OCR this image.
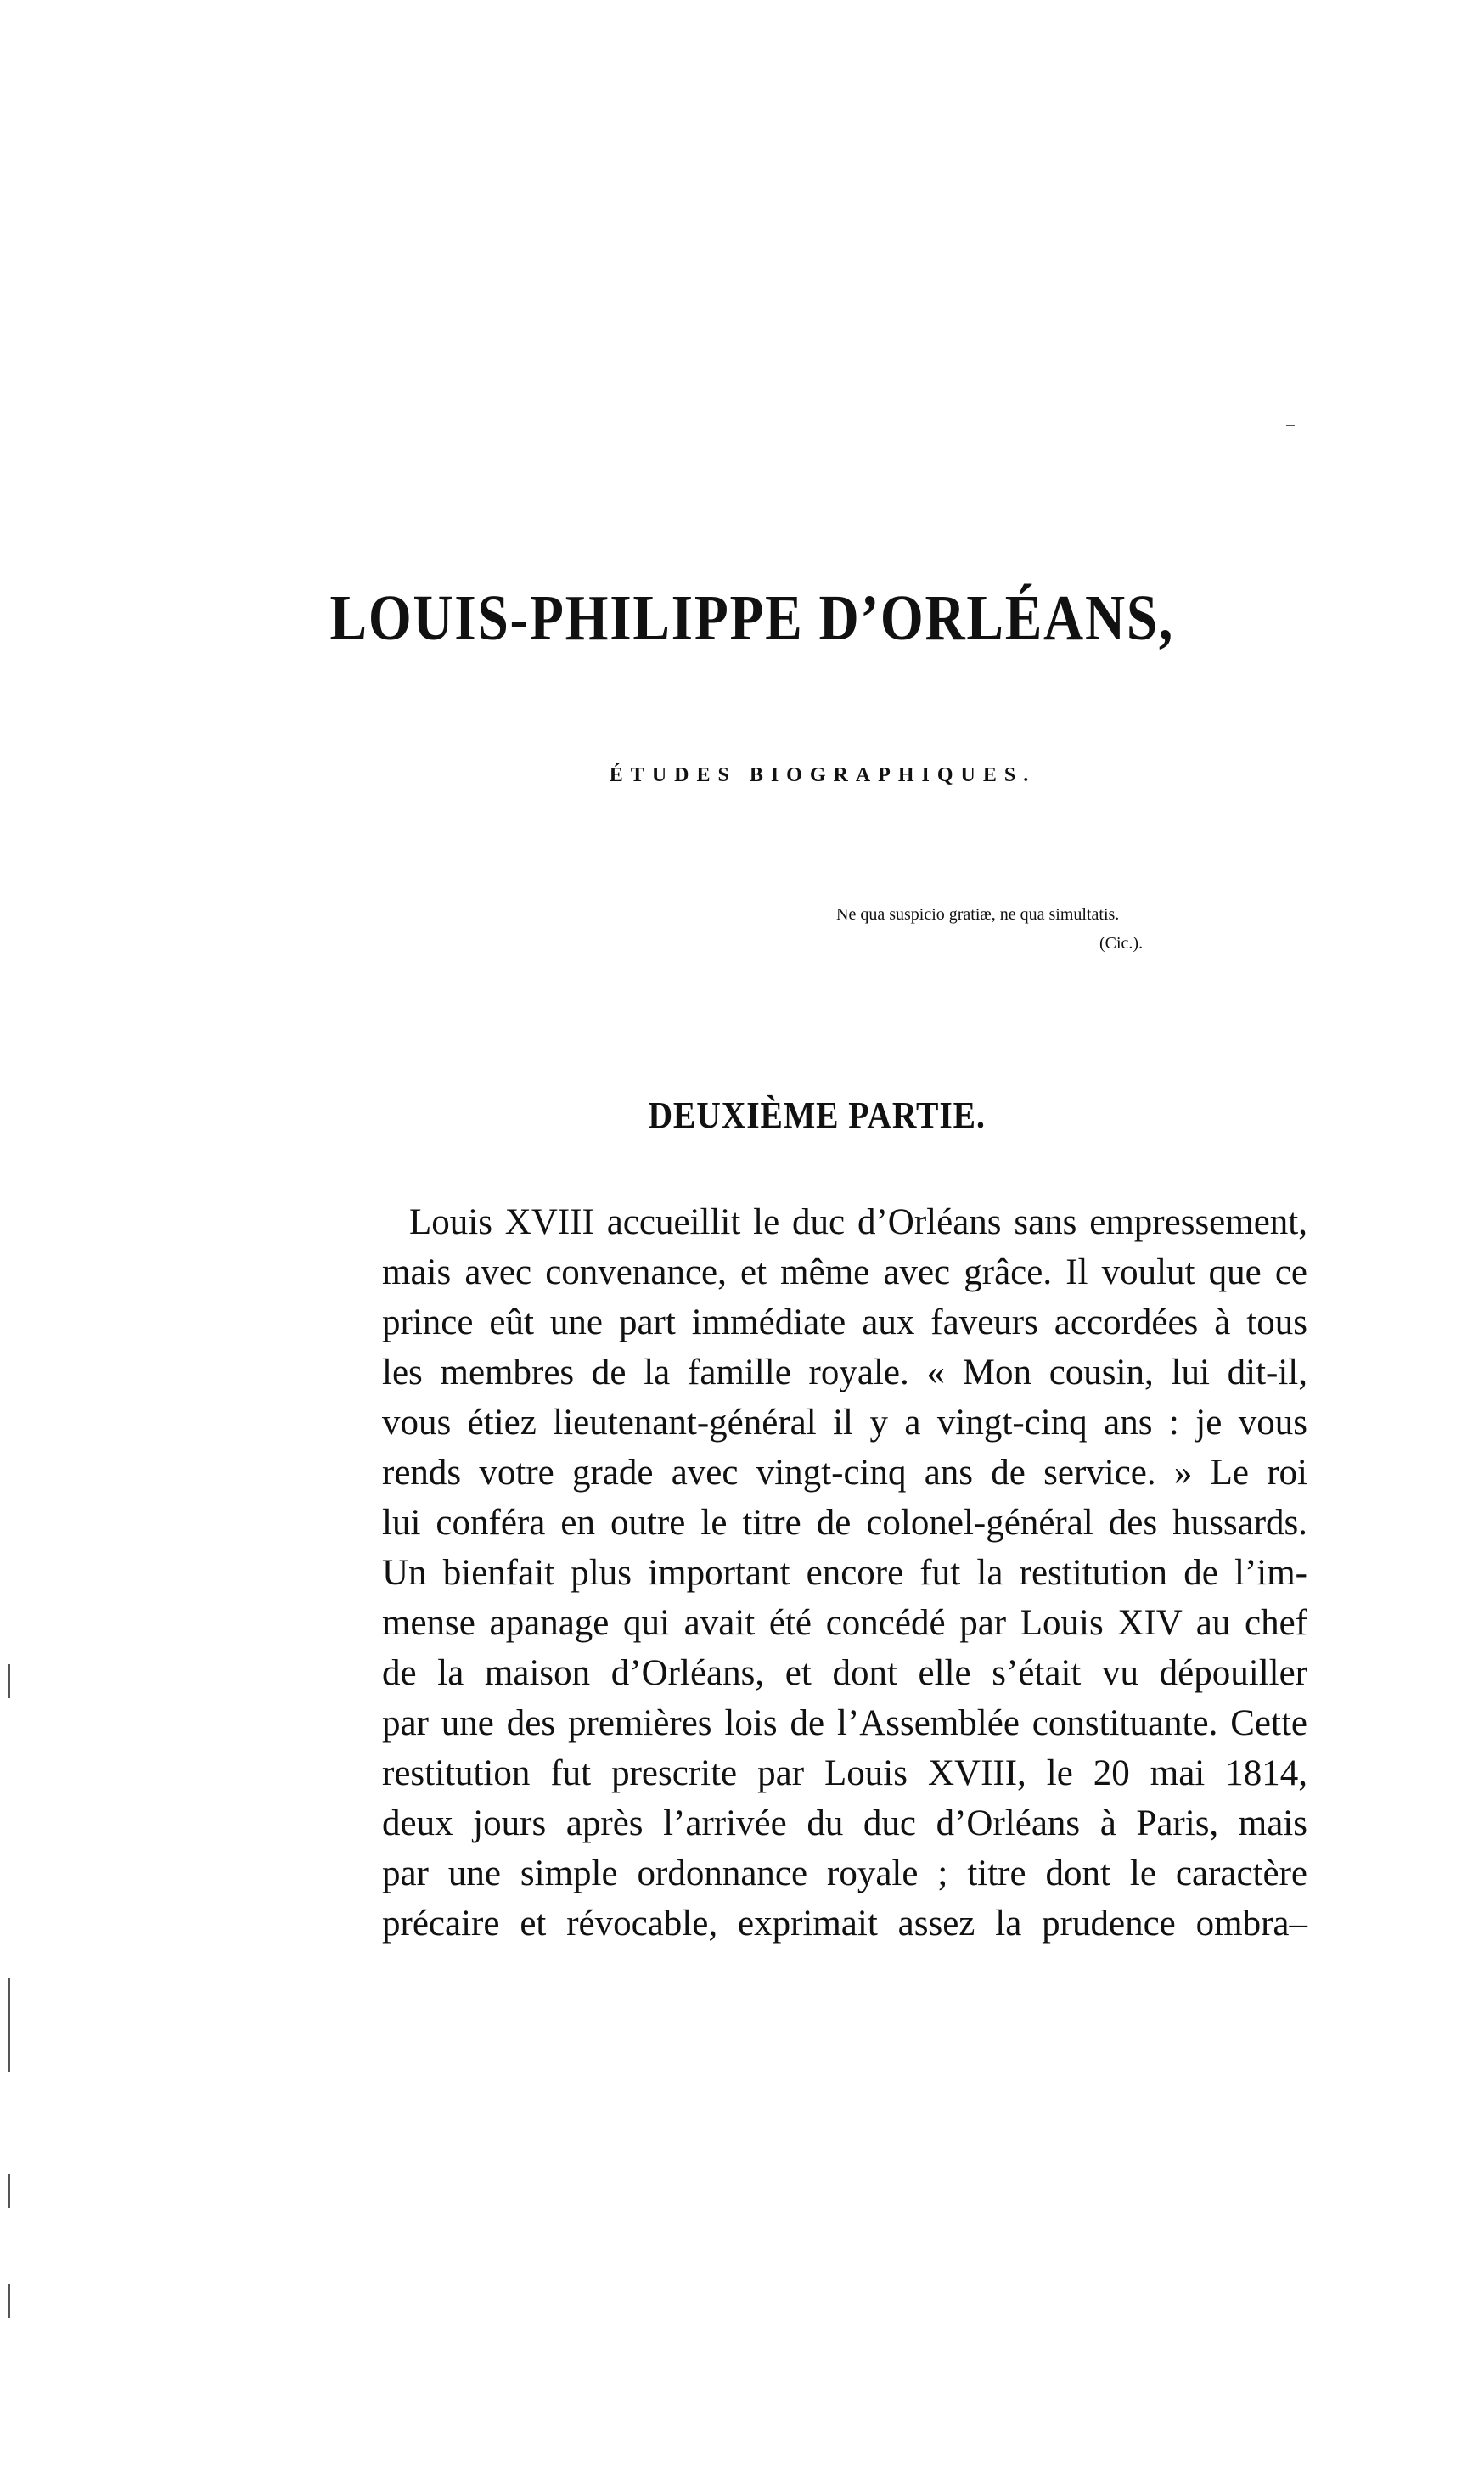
LOUIS-PHILIPPE D’ORLÉANS,
ÉTUDES BIOGRAPHIQUES.
Ne qua suspicio gratiæ, ne qua simultatis.
(Cic.).
DEUXIÈME PARTIE.
Louis XVIII accueillit le duc d’Orléans sans empressement,
mais avec convenance, et même avec grâce. Il voulut que ce
prince eût une part immédiate aux faveurs accordées à tous
les membres de la famille royale. « Mon cousin, lui dit-il,
vous étiez lieutenant-général il y a vingt-cinq ans : je vous
rends votre grade avec vingt-cinq ans de service. » Le roi
lui conféra en outre le titre de colonel-général des hussards.
Un bienfait plus important encore fut la restitution de l’im-
mense apanage qui avait été concédé par Louis XIV au chef
de la maison d’Orléans, et dont elle s’était vu dépouiller
par une des premières lois de l’Assemblée constituante. Cette
restitution fut prescrite par Louis XVIII, le 20 mai 1814,
deux jours après l’arrivée du duc d’Orléans à Paris, mais
par une simple ordonnance royale ; titre dont le caractère
précaire et révocable, exprimait assez la prudence ombra–
